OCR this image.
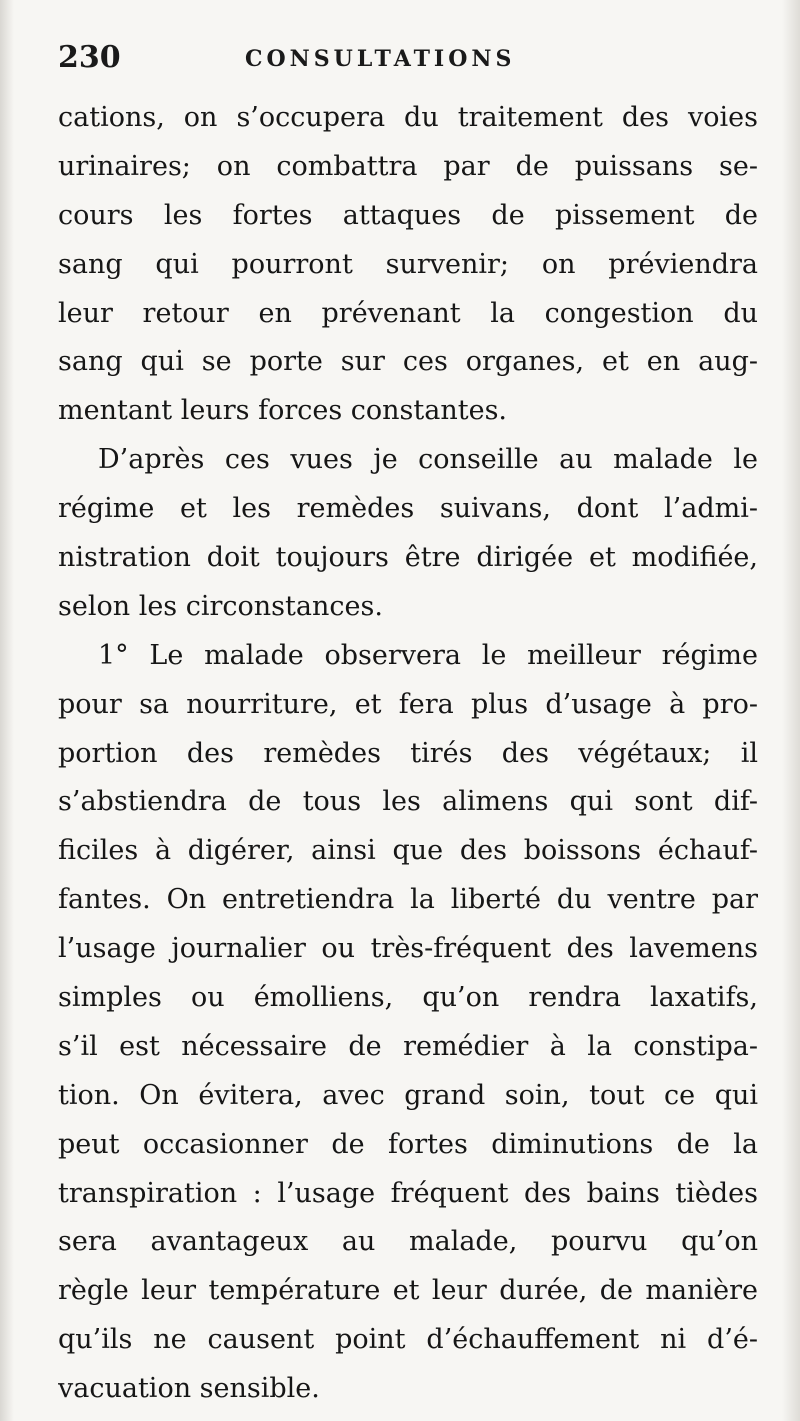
230	CONSULTATIONS
cations, on s’occupera du traitement des voies
urinaires; on combattra par de puissans se-
cours les fortes attaques de pissement de
sang qui pourront survenir; on préviendra
leur retour en prévenant la congestion du
sang qui se porte sur ces organes, et en aug-
mentant leurs forces constantes.
D’après ces vues je conseille au malade le
régime et les remèdes suivans, dont l’admi-
nistration doit toujours être dirigée et modifiée,
selon les circonstances.
1° Le malade observera le meilleur régime
pour sa nourriture, et fera plus d’usage à pro-
portion des remèdes tirés des végétaux; il
s’abstiendra de tous les alimens qui sont dif-
ficiles à digérer, ainsi que des boissons échauf-
fantes. On entretiendra la liberté du ventre par
l’usage journalier ou très-fréquent des lavemens
simples ou émolliens, qu’on rendra laxatifs,
s’il est nécessaire de remédier à la constipa-
tion. On évitera, avec grand soin, tout ce qui
peut occasionner de fortes diminutions de la
transpiration : l’usage fréquent des bains tièdes
sera avantageux au malade, pourvu qu’on
règle leur température et leur durée, de manière
qu’ils ne causent point d’échauffement ni d’é-
vacuation sensible.
